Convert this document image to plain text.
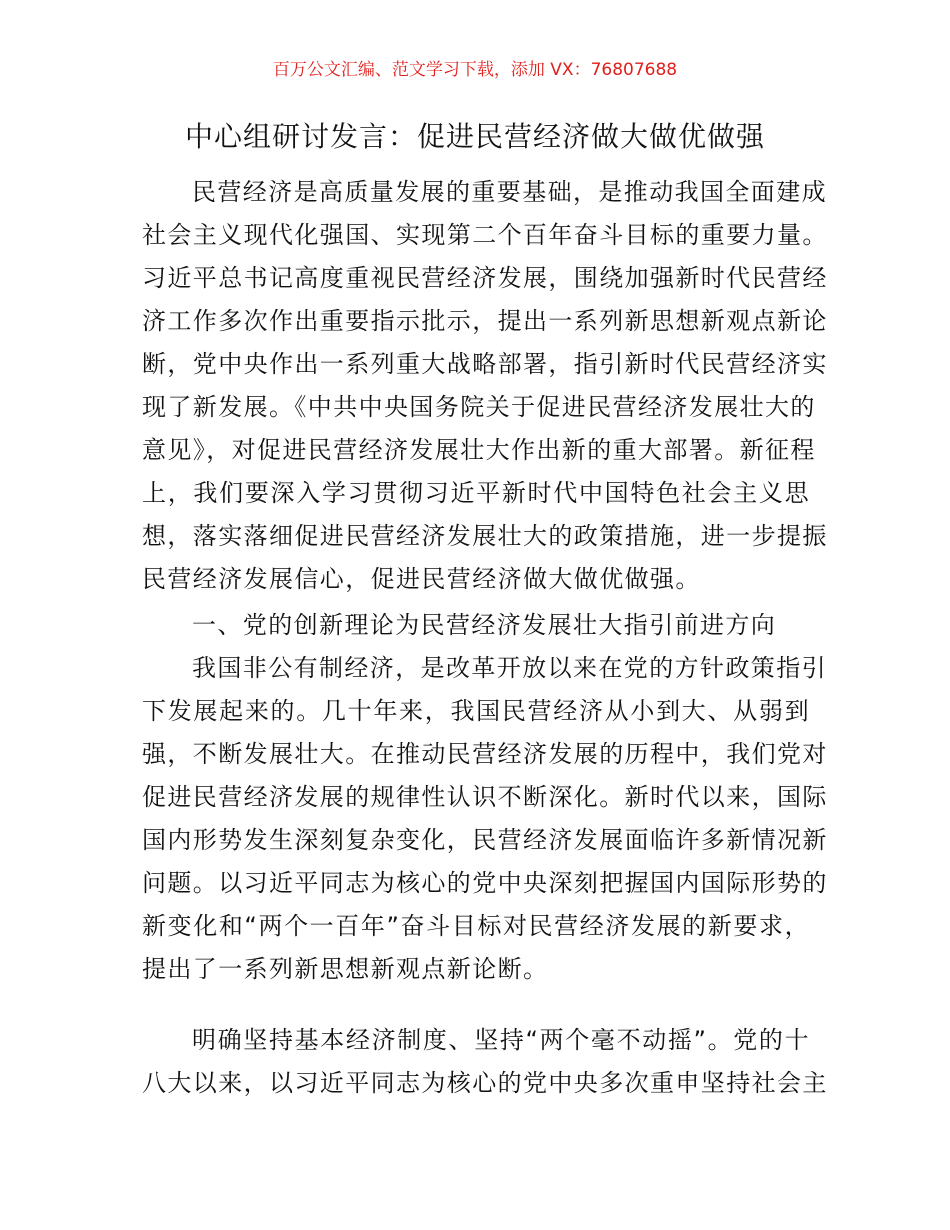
百万公文汇编、范文学习下载，添加 VX：76807688
中心组研讨发言：促进民营经济做大做优做强
民营经济是高质量发展的重要基础，是推动我国全面建成
社会主义现代化强国、实现第二个百年奋斗目标的重要力量。
习近平总书记高度重视民营经济发展，围绕加强新时代民营经
济工作多次作出重要指示批示，提出一系列新思想新观点新论
断，党中央作出一系列重大战略部署，指引新时代民营经济实
现了新发展。《中共中央国务院关于促进民营经济发展壮大的
意见》，对促进民营经济发展壮大作出新的重大部署。新征程
上，我们要深入学习贯彻习近平新时代中国特色社会主义思
想，落实落细促进民营经济发展壮大的政策措施，进一步提振
民营经济发展信心，促进民营经济做大做优做强。
一、党的创新理论为民营经济发展壮大指引前进方向
我国非公有制经济，是改革开放以来在党的方针政策指引
下发展起来的。几十年来，我国民营经济从小到大、从弱到
强，不断发展壮大。在推动民营经济发展的历程中，我们党对
促进民营经济发展的规律性认识不断深化。新时代以来，国际
国内形势发生深刻复杂变化，民营经济发展面临许多新情况新
问题。以习近平同志为核心的党中央深刻把握国内国际形势的
新变化和“两个一百年”奋斗目标对民营经济发展的新要求，
提出了一系列新思想新观点新论断。
明确坚持基本经济制度、坚持“两个毫不动摇”。党的十
八大以来，以习近平同志为核心的党中央多次重申坚持社会主
